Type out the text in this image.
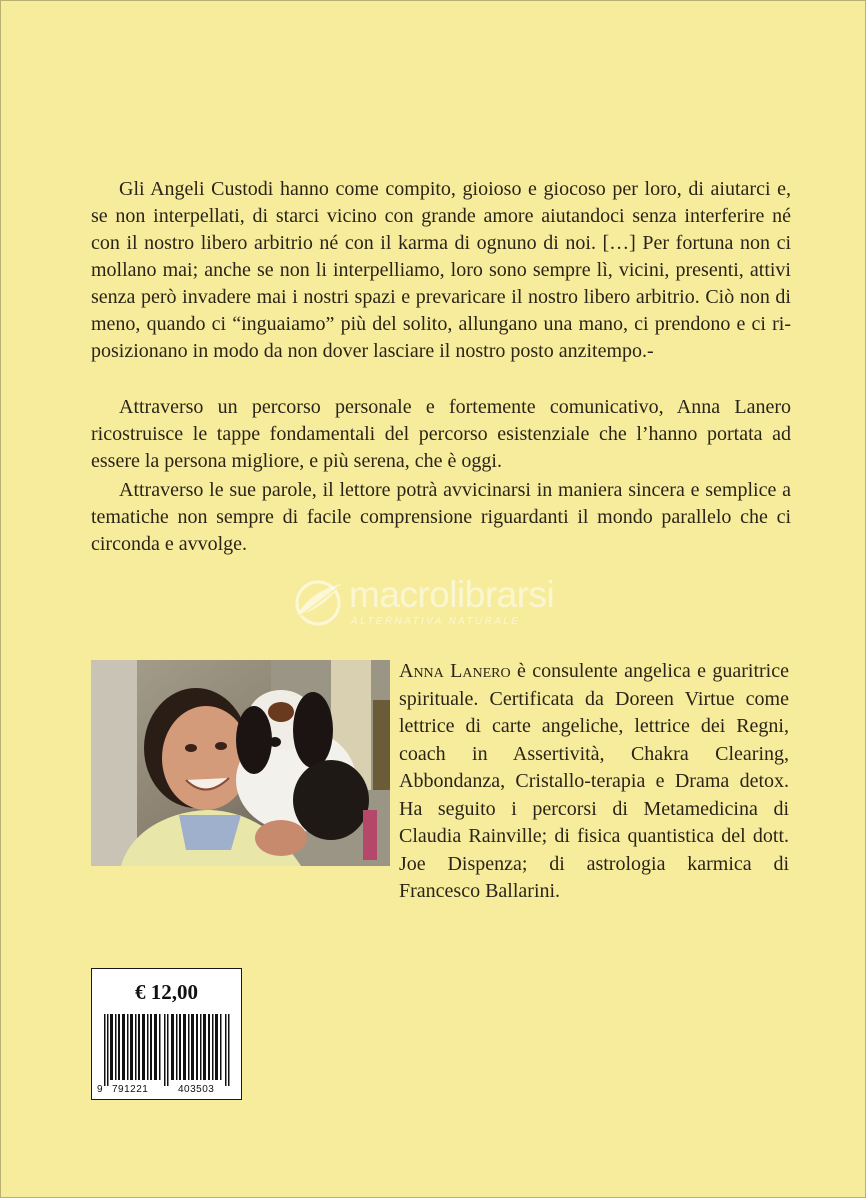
Gli Angeli Custodi hanno come compito, gioioso e giocoso per loro, di aiutarci e, se non interpellati, di starci vicino con grande amore aiutandoci senza interferire né con il nostro libero arbitrio né con il karma di ognuno di noi. […] Per fortuna non ci mollano mai; anche se non li interpelliamo, loro sono sempre lì, vicini, presenti, attivi senza però invadere mai i nostri spazi e prevaricare il nostro libero arbitrio. Ciò non di meno, quando ci “inguaiamo” più del solito, allungano una mano, ci prendono e ci ri-posizionano in modo da non dover lasciare il nostro posto anzitempo.-

Attraverso un percorso personale e fortemente comunicativo, Anna Lanero ricostruisce le tappe fondamentali del percorso esistenziale che l’hanno portata ad essere la persona migliore, e più serena, che è oggi.

Attraverso le sue parole, il lettore potrà avvicinarsi in maniera sincera e semplice a tematiche non sempre di facile comprensione riguardanti il mondo parallelo che ci circonda e avvolge.

macrolibrarsi
ALTERNATIVA NATURALE
Anna Lanero è consulente angelica e guaritrice spirituale. Certificata da Doreen Virtue come lettrice di carte angeliche, lettrice dei Regni, coach in Assertività, Chakra Clearing, Abbondanza, Cristallo-terapia e Drama detox. Ha seguito i percorsi di Metamedicina di Claudia Rainville; di fisica quantistica del dott. Joe Dispenza; di astrologia karmica di Francesco Ballarini.
€ 12,00
9 791221	403503
